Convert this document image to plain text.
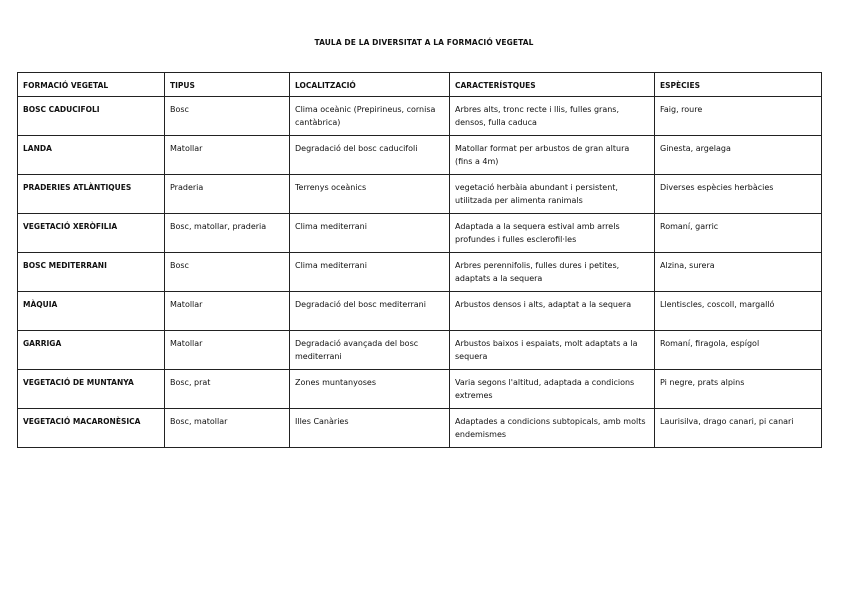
TAULA DE LA DIVERSITAT A LA FORMACIÓ VEGETAL
FORMACIÓ VEGETAL	TIPUS	LOCALITZACIÓ	CARACTERÍSTQUES	ESPÈCIES
BOSC CADUCIFOLI	Bosc	Clima oceànic (Prepirineus, cornisa cantàbrica)	Arbres alts, tronc recte i llis, fulles grans, densos, fulla caduca	Faig, roure
LANDA	Matollar	Degradació del bosc caducifoli	Matollar format per arbustos de gran altura (fins a 4m)	Ginesta, argelaga
PRADERIES ATLÀNTIQUES	Praderia	Terrenys oceànics	vegetació herbàia abundant i persistent, utilitzada per alimenta ranimals	Diverses espècies herbàcies
VEGETACIÓ XERÒFILIA	Bosc, matollar, praderia	Clima mediterrani	Adaptada a la sequera estival amb arrels profundes i fulles esclerofil·les	Romaní, garric
BOSC MEDITERRANI	Bosc	Clima mediterrani	Arbres perennifolis, fulles dures i petites, adaptats a la sequera	Alzina, surera
MÀQUIA	Matollar	Degradació del bosc mediterrani	Arbustos densos i alts, adaptat a la sequera	Llentiscles, coscoll, margalló
GARRIGA	Matollar	Degradació avançada del bosc mediterrani	Arbustos baixos i espaiats, molt adaptats a la sequera	Romaní, firagola, espígol
VEGETACIÓ DE MUNTANYA	Bosc, prat	Zones muntanyoses	Varia segons l'altitud, adaptada a condicions extremes	Pi negre, prats alpins
VEGETACIÓ MACARONÈSICA	Bosc, matollar	Illes Canàries	Adaptades a condicions subtopicals, amb molts endemismes	Laurisilva, drago canari, pi canari
